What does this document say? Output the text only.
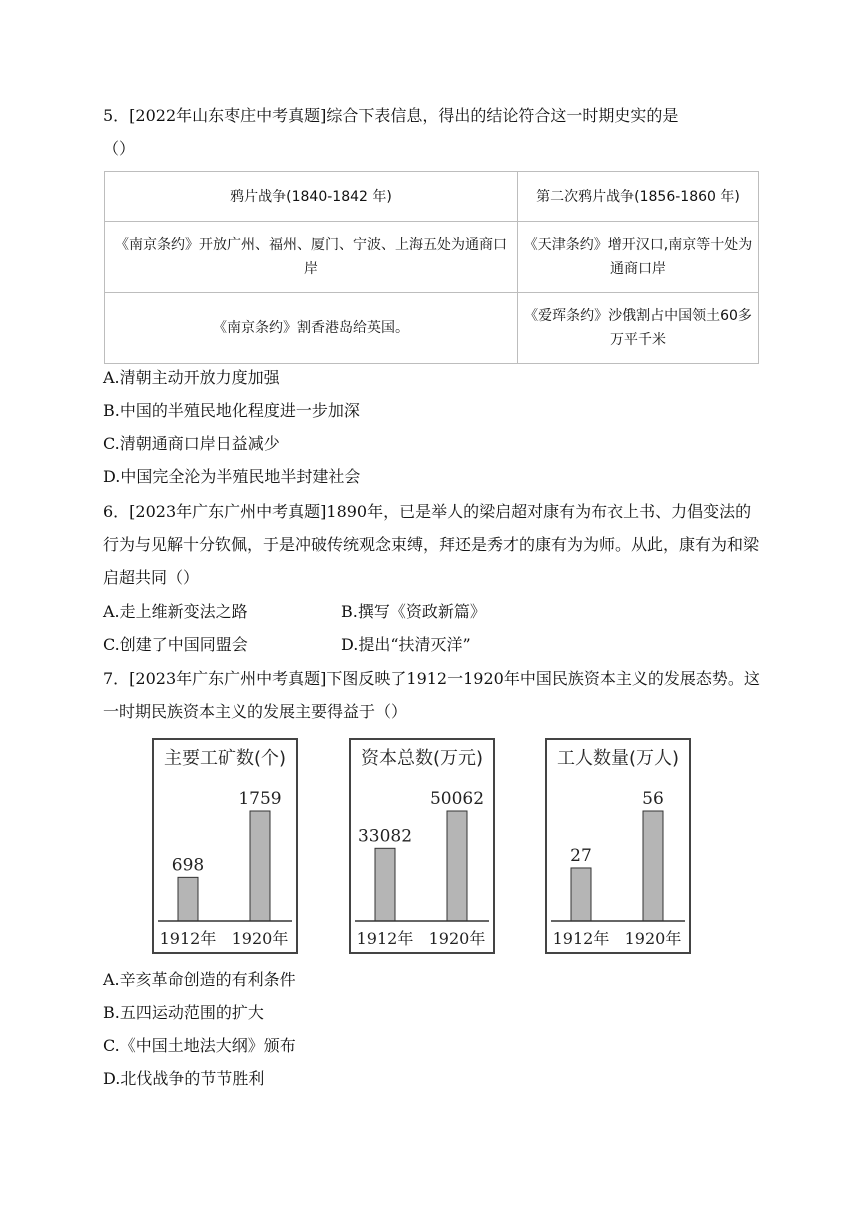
5．[2022年山东枣庄中考真题]综合下表信息，得出的结论符合这一时期史实的是
（）
鸦片战争(1840-1842 年)	第二次鸦片战争(1856-1860 年)
《南京条约》开放广州、福州、厦门、宁波、上海五处为通商口岸	《天津条约》增开汉口,南京等十处为通商口岸
《南京条约》割香港岛给英国。	《爱珲条约》沙俄割占中国领土60多万平千米
A.清朝主动开放力度加强
B.中国的半殖民地化程度进一步加深
C.清朝通商口岸日益减少
D.中国完全沦为半殖民地半封建社会
6．[2023年广东广州中考真题]1890年，已是举人的梁启超对康有为布衣上书、力倡变法的行为与见解十分钦佩，于是冲破传统观念束缚，拜还是秀才的康有为为师。从此，康有为和梁启超共同（）
A.走上维新变法之路	B.撰写《资政新篇》
C.创建了中国同盟会	D.提出“扶清灭洋”
7．[2023年广东广州中考真题]下图反映了1912一1920年中国民族资本主义的发展态势。这一时期民族资本主义的发展主要得益于（）
主要工矿数(个)
698
1912年
1759
1920年
资本总数(万元)
33082
1912年
50062
1920年
工人数量(万人)
27
1912年
56
1920年
A.辛亥革命创造的有利条件
B.五四运动范围的扩大
C.《中国土地法大纲》颁布
D.北伐战争的节节胜利
